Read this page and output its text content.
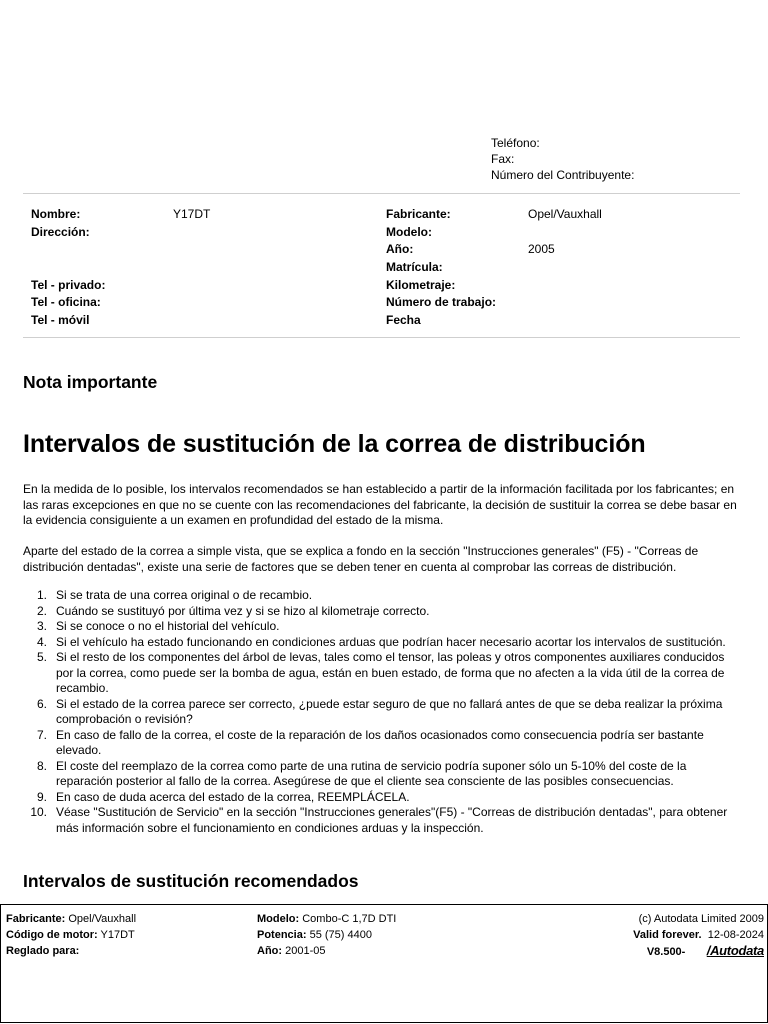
Teléfono:
Fax:
Número del Contribuyente:
Nombre:
Dirección:
Tel - privado:
Tel - oficina:
Tel - móvil
Y17DT	Fabricante:
Modelo:
Año:
Matrícula:
Kilometraje:
Número de trabajo:
Fecha
Opel/Vauxhall
2005
Nota importante
Intervalos de sustitución de la correa de distribución

En la medida de lo posible, los intervalos recomendados se han establecido a partir de la información facilitada por los fabricantes; en las raras excepciones en que no se cuente con las recomendaciones del fabricante, la decisión de sustituir la correa se debe basar en la evidencia consiguiente a un examen en profundidad del estado de la misma.

Aparte del estado de la correa a simple vista, que se explica a fondo en la sección "Instrucciones generales" (F5) - "Correas de distribución dentadas", existe una serie de factores que se deben tener en cuenta al comprobar las correas de distribución.

1. Si se trata de una correa original o de recambio.
2. Cuándo se sustituyó por última vez y si se hizo al kilometraje correcto.
3. Si se conoce o no el historial del vehículo.
4. Si el vehículo ha estado funcionando en condiciones arduas que podrían hacer necesario acortar los intervalos de sustitución.
5. Si el resto de los componentes del árbol de levas, tales como el tensor, las poleas y otros componentes auxiliares conducidos por la correa, como puede ser la bomba de agua, están en buen estado, de forma que no afecten a la vida útil de la correa de recambio.
6. Si el estado de la correa parece ser correcto, ¿puede estar seguro de que no fallará antes de que se deba realizar la próxima comprobación o revisión?
7. En caso de fallo de la correa, el coste de la reparación de los daños ocasionados como consecuencia podría ser bastante elevado.
8. El coste del reemplazo de la correa como parte de una rutina de servicio podría suponer sólo un 5-10% del coste de la reparación posterior al fallo de la correa. Asegúrese de que el cliente sea consciente de las posibles consecuencias.
9. En caso de duda acerca del estado de la correa, REEMPLÁCELA.
10. Véase "Sustitución de Servicio" en la sección "Instrucciones generales"(F5) - "Correas de distribución dentadas", para obtener más información sobre el funcionamiento en condiciones arduas y la inspección.
Intervalos de sustitución recomendados
Fabricante: Opel/Vauxhall
Código de motor: Y17DT
Reglado para:
Modelo: Combo-C 1,7D DTI
Potencia: 55 (75) 4400
Año: 2001-05
(c) Autodata Limited 2009
Valid forever. 12-08-2024
V8.500- /Autodata
